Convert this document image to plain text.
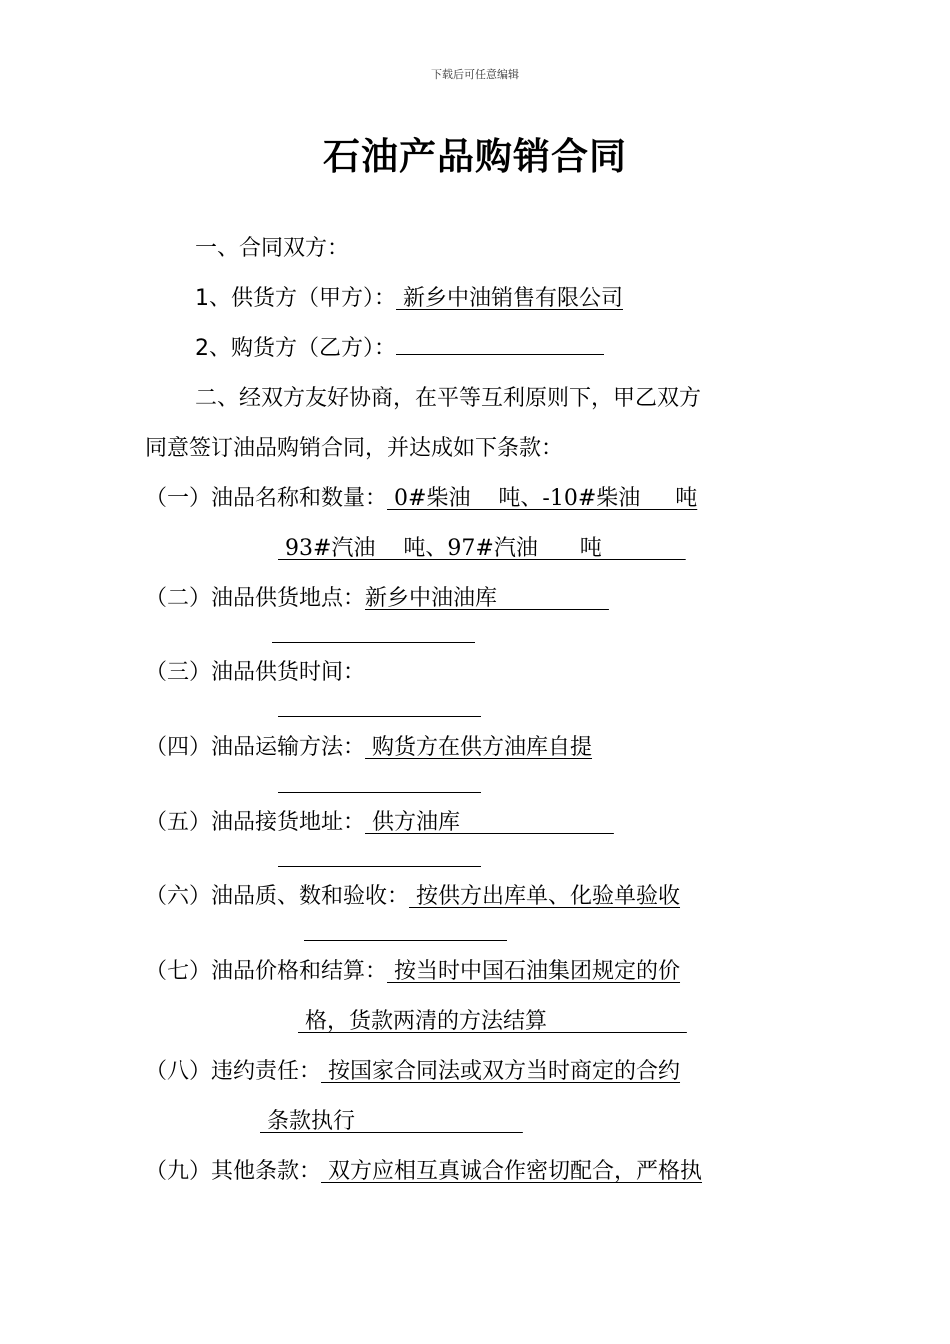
下载后可任意编辑
石油产品购销合同
一、合同双方：
1、供货方（甲方）： 新乡中油销售有限公司
2、购货方（乙方）：
二、经双方友好协商，在平等互利原则下，甲乙双方
同意签订油品购销合同，并达成如下条款：
（一）油品名称和数量： 0#柴油    吨、-10#柴油     吨
93#汽油    吨、97#汽油      吨
（二）油品供货地点：新乡中油油库
（三）油品供货时间：
（四）油品运输方法： 购货方在供方油库自提
（五）油品接货地址： 供方油库
（六）油品质、数和验收： 按供方出库单、化验单验收
（七）油品价格和结算： 按当时中国石油集团规定的价
格，货款两清的方法结算
（八）违约责任： 按国家合同法或双方当时商定的合约
条款执行
（九）其他条款： 双方应相互真诚合作密切配合，严格执
